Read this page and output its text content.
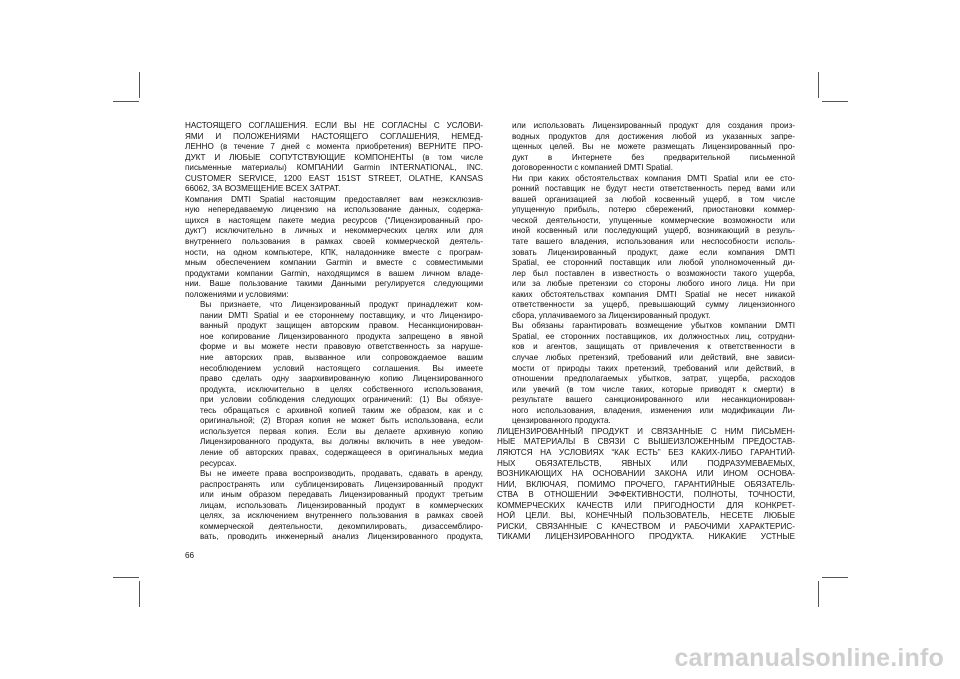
НАСТОЯЩЕГО СОГЛАШЕНИЯ. ЕСЛИ ВЫ НЕ СОГЛАСНЫ С УСЛОВИ-
ЯМИ И ПОЛОЖЕНИЯМИ НАСТОЯЩЕГО СОГЛАШЕНИЯ, НЕМЕД-
ЛЕННО (в течение 7 дней с момента приобретения) ВЕРНИТЕ ПРО-
ДУКТ И ЛЮБЫЕ СОПУТСТВУЮЩИЕ КОМПОНЕНТЫ (в том числе
письменные материалы) КОМПАНИИ Garmin INTERNATIONAL, INC.
CUSTOMER SERVICE, 1200 EAST 151ST STREET, OLATHE, KANSAS
66062, ЗА ВОЗМЕЩЕНИЕ ВСЕХ ЗАТРАТ.
Компания DMTI Spatial настоящим предоставляет вам неэксклюзив-
ную непередаваемую лицензию на использование данных, содержа-
щихся в настоящем пакете медиа ресурсов (“Лицензированный про-
дукт”) исключительно в личных и некоммерческих целях или для
внутреннего пользования в рамках своей коммерческой деятель-
ности, на одном компьютере, КПК, наладоннике вместе с програм-
мным обеспечением компании Garmin и вместе с совместимыми
продуктами компании Garmin, находящимся в вашем личном владе-
нии. Ваше пользование такими Данными регулируется следующими
положениями и условиями:
Вы признаете, что Лицензированный продукт принадлежит ком-
пании DMTI Spatial и ее стороннему поставщику, и что Лицензиро-
ванный продукт защищен авторским правом. Несанкционирован-
ное копирование Лицензированного продукта запрещено в явной
форме и вы можете нести правовую ответственность за наруше-
ние авторских прав, вызванное или сопровождаемое вашим
несоблюдением условий настоящего соглашения. Вы имеете
право сделать одну заархивированную копию Лицензированного
продукта, исключительно в целях собственного использования,
при условии соблюдения следующих ограничений: (1) Вы обязуе-
тесь обращаться с архивной копией таким же образом, как и с
оригинальной; (2) Вторая копия не может быть использована, если
используется первая копия. Если вы делаете архивную копию
Лицензированного продукта, вы должны включить в нее уведом-
ление об авторских правах, содержащееся в оригинальных медиа
ресурсах.
Вы не имеете права воспроизводить, продавать, сдавать в аренду,
распространять или сублицензировать Лицензированный продукт
или иным образом передавать Лицензированный продукт третьим
лицам, использовать Лицензированный продукт в коммерческих
целях, за исключением внутреннего пользования в рамках своей
коммерческой деятельности, декомпилировать, дизассемблиро-
вать, проводить инженерный анализ Лицензированного продукта,
или использовать Лицензированный продукт для создания произ-
водных продуктов для достижения любой из указанных запре-
щенных целей. Вы не можете размещать Лицензированный про-
дукт в Интернете без предварительной письменной
договоренности с компанией DMTI Spatial.
Ни при каких обстоятельствах компания DMTI Spatial или ее сто-
ронний поставщик не будут нести ответственность перед вами или
вашей организацией за любой косвенный ущерб, в том числе
упущенную прибыль, потерю сбережений, приостановки коммер-
ческой деятельности, упущенные коммерческие возможности или
иной косвенный или последующий ущерб, возникающий в резуль-
тате вашего владения, использования или неспособности исполь-
зовать Лицензированный продукт, даже если компания DMTI
Spatial, ее сторонний поставщик или любой уполномоченный ди-
лер был поставлен в известность о возможности такого ущерба,
или за любые претензии со стороны любого иного лица. Ни при
каких обстоятельствах компания DMTI Spatial не несет никакой
ответственности за ущерб, превышающий сумму лицензионного
сбора, уплачиваемого за Лицензированный продукт.
Вы обязаны гарантировать возмещение убытков компании DMTI
Spatial, ее сторонних поставщиков, их должностных лиц, сотрудни-
ков и агентов, защищать от привлечения к ответственности в
случае любых претензий, требований или действий, вне зависи-
мости от природы таких претензий, требований или действий, в
отношении предполагаемых убытков, затрат, ущерба, расходов
или увечий (в том числе таких, которые приводят к смерти) в
результате вашего санкционированного или несанкционирован-
ного использования, владения, изменения или модификации Ли-
цензированного продукта.
ЛИЦЕНЗИРОВАННЫЙ ПРОДУКТ И СВЯЗАННЫЕ С НИМ ПИСЬМЕН-
НЫЕ МАТЕРИАЛЫ В СВЯЗИ С ВЫШЕИЗЛОЖЕННЫМ ПРЕДОСТАВ-
ЛЯЮТСЯ НА УСЛОВИЯХ “КАК ЕСТЬ” БЕЗ КАКИХ-ЛИБО ГАРАНТИЙ-
НЫХ ОБЯЗАТЕЛЬСТВ, ЯВНЫХ ИЛИ ПОДРАЗУМЕВАЕМЫХ,
ВОЗНИКАЮЩИХ НА ОСНОВАНИИ ЗАКОНА ИЛИ ИНОМ ОСНОВА-
НИИ, ВКЛЮЧАЯ, ПОМИМО ПРОЧЕГО, ГАРАНТИЙНЫЕ ОБЯЗАТЕЛЬ-
СТВА В ОТНОШЕНИИ ЭФФЕКТИВНОСТИ, ПОЛНОТЫ, ТОЧНОСТИ,
КОММЕРЧЕСКИХ КАЧЕСТВ ИЛИ ПРИГОДНОСТИ ДЛЯ КОНКРЕТ-
НОЙ ЦЕЛИ. ВЫ, КОНЕЧНЫЙ ПОЛЬЗОВАТЕЛЬ, НЕСЕТЕ ЛЮБЫЕ
РИСКИ, СВЯЗАННЫЕ С КАЧЕСТВОМ И РАБОЧИМИ ХАРАКТЕРИС-
ТИКАМИ ЛИЦЕНЗИРОВАННОГО ПРОДУКТА. НИКАКИЕ УСТНЫЕ
66
carmanualsonline.info
